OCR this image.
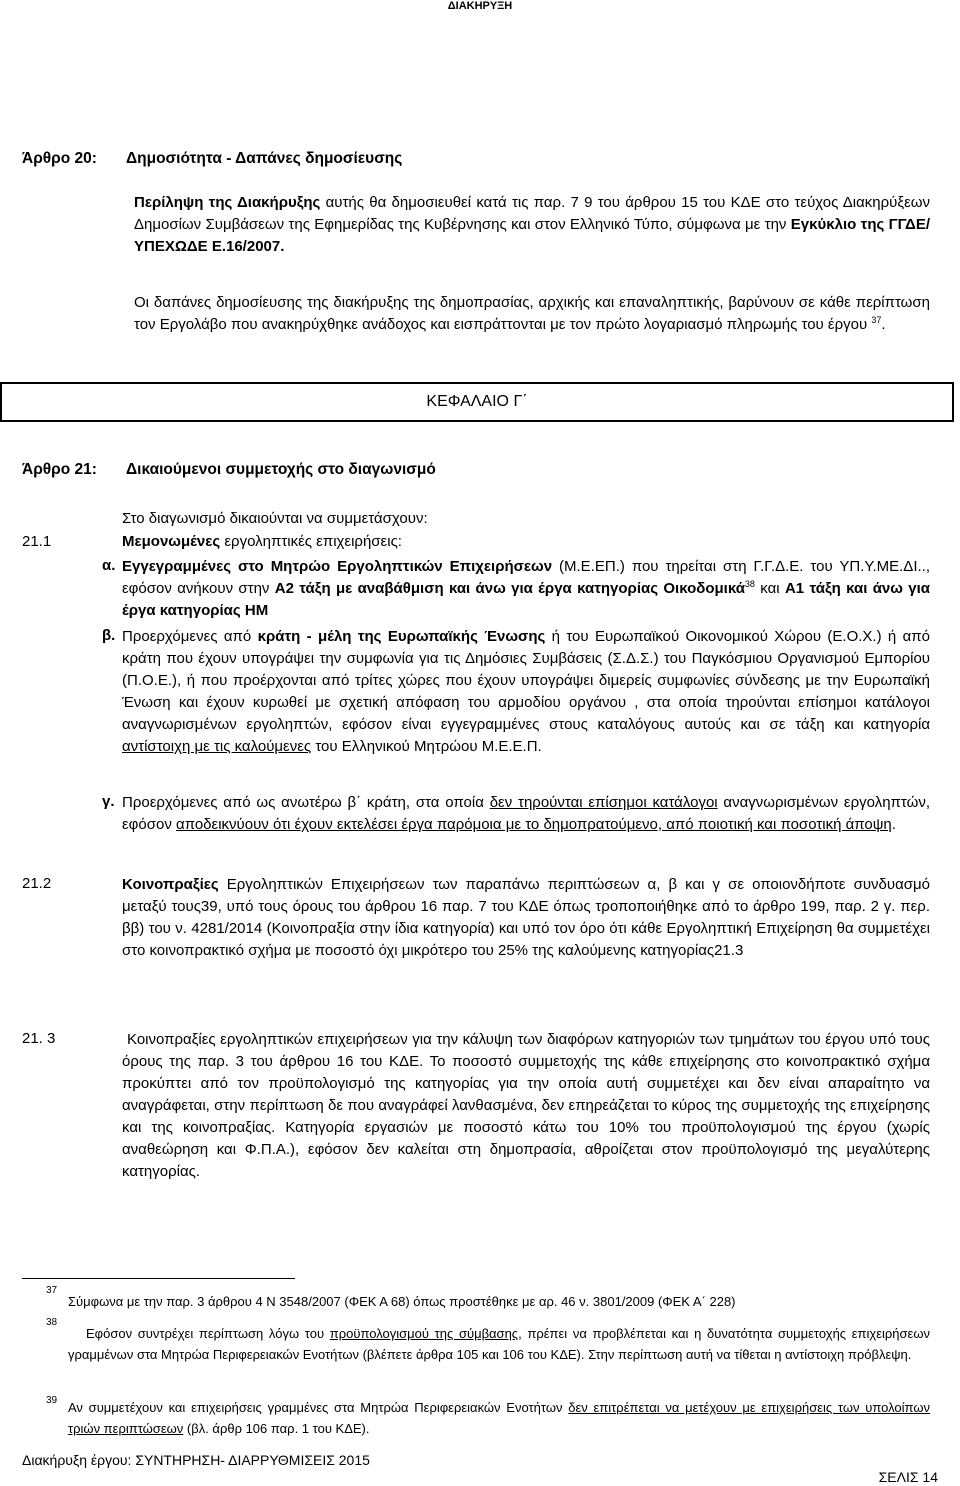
ΔΙΑΚΗΡΥΞΗ
Άρθρο 20: Δημοσιότητα - Δαπάνες δημοσίευσης
Περίληψη της Διακήρυξης αυτής θα δημοσιευθεί κατά τις παρ. 7 9 του άρθρου 15 του ΚΔΕ στο τεύχος Διακηρύξεων Δημοσίων Συμβάσεων της Εφημερίδας της Κυβέρνησης και στον Ελληνικό Τύπο, σύμφωνα με την Εγκύκλιο της ΓΓΔΕ/ ΥΠΕΧΩΔΕ Ε.16/2007.
Οι δαπάνες δημοσίευσης της διακήρυξης της δημοπρασίας, αρχικής και επαναληπτικής, βαρύνουν σε κάθε περίπτωση τον Εργολάβο που ανακηρύχθηκε ανάδοχος και εισπράττονται με τον πρώτο λογαριασμό πληρωμής του έργου $^{37}$.
ΚΕΦΑΛΑΙΟ Γ΄
Άρθρο 21: Δικαιούμενοι συμμετοχής στο διαγωνισμό
Στο διαγωνισμό δικαιούνται να συμμετάσχουν:
21.1	Μεμονωμένες εργοληπτικές επιχειρήσεις:
α. Εγγεγραμμένες στο Μητρώο Εργοληπτικών Επιχειρήσεων (Μ.Ε.ΕΠ.) που τηρείται στη Γ.Γ.Δ.Ε. του ΥΠ.Υ.ΜΕ.ΔΙ.., εφόσον ανήκουν στην Α2 τάξη με αναβάθμιση και άνω για έργα κατηγορίας Οικοδομικά$^{38}$ και Α1 τάξη και άνω για έργα κατηγορίας ΗΜ
β. Προερχόμενες από κράτη - μέλη της Ευρωπαϊκής Ένωσης ή του Ευρωπαϊκού Οικονομικού Χώρου (Ε.Ο.Χ.) ή από κράτη που έχουν υπογράψει την συμφωνία για τις Δημόσιες Συμβάσεις (Σ.Δ.Σ.) του Παγκόσμιου Οργανισμού Εμπορίου (Π.Ο.Ε.), ή που προέρχονται από τρίτες χώρες που έχουν υπογράψει διμερείς συμφωνίες σύνδεσης με την Ευρωπαϊκή Ένωση και έχουν κυρωθεί με σχετική απόφαση του αρμοδίου οργάνου , στα οποία τηρούνται επίσημοι κατάλογοι αναγνωρισμένων εργοληπτών, εφόσον είναι εγγεγραμμένες στους καταλόγους αυτούς και σε τάξη και κατηγορία αντίστοιχη με τις καλούμενες του Ελληνικού Μητρώου Μ.Ε.Ε.Π.
γ. Προερχόμενες από ως ανωτέρω β΄ κράτη, στα οποία δεν τηρούνται επίσημοι κατάλογοι αναγνωρισμένων εργοληπτών, εφόσον αποδεικνύουν ότι έχουν εκτελέσει έργα παρόμοια με το δημοπρατούμενο, από ποιοτική και ποσοτική άποψη.
21.2	Κοινοπραξίες Εργοληπτικών Επιχειρήσεων των παραπάνω περιπτώσεων α, β και γ σε οποιονδήποτε συνδυασμό μεταξύ τους39, υπό τους όρους του άρθρου 16 παρ. 7 του ΚΔΕ όπως τροποποιήθηκε από το άρθρο 199, παρ. 2 γ. περ. ββ) του ν. 4281/2014 (Κοινοπραξία στην ίδια κατηγορία) και υπό τον όρο ότι κάθε Εργοληπτική Επιχείρηση θα συμμετέχει στο κοινοπρακτικό σχήμα με ποσοστό όχι μικρότερο του 25% της καλούμενης κατηγορίας21.3
21. 3	Κοινοπραξίες εργοληπτικών επιχειρήσεων για την κάλυψη των διαφόρων κατηγοριών των τμημάτων του έργου υπό τους όρους της παρ. 3 του άρθρου 16 του ΚΔΕ. Το ποσοστό συμμετοχής της κάθε επιχείρησης στο κοινοπρακτικό σχήμα προκύπτει από τον προϋπολογισμό της κατηγορίας για την οποία αυτή συμμετέχει και δεν είναι απαραίτητο να αναγράφεται, στην περίπτωση δε που αναγράφεί λανθασμένα, δεν επηρεάζεται το κύρος της συμμετοχής της επιχείρησης και της κοινοπραξίας. Κατηγορία εργασιών με ποσοστό κάτω του 10% του προϋπολογισμού της έργου (χωρίς αναθεώρηση και Φ.Π.Α.), εφόσον δεν καλείται στη δημοπρασία, αθροίζεται στον προϋπολογισμό της μεγαλύτερης κατηγορίας.
37
Σύμφωνα με την παρ. 3 άρθρου 4 Ν 3548/2007 (ΦΕΚ Α 68) όπως προστέθηκε με αρ. 46 ν. 3801/2009 (ΦΕΚ Α΄ 228)
38
Εφόσον συντρέχει περίπτωση λόγω του προϋπολογισμού της σύμβασης, πρέπει να προβλέπεται και η δυνατότητα συμμετοχής επιχειρήσεων γραμμένων στα Μητρώα Περιφερειακών Ενοτήτων (βλέπετε άρθρα 105 και 106 του ΚΔΕ). Στην περίπτωση αυτή να τίθεται η αντίστοιχη πρόβλεψη.
39 Αν συμμετέχουν και επιχειρήσεις γραμμένες στα Μητρώα Περιφερειακών Ενοτήτων δεν επιτρέπεται να μετέχουν με επιχειρήσεις των υπολοίπων τριών περιπτώσεων (βλ. άρθρ 106 παρ. 1 του ΚΔΕ).
Διακήρυξη έργου: ΣΥΝΤΗΡΗΣΗ- ΔΙΑΡΡΥΘΜΙΣΕΙΣ 2015
ΣΕΛΙΣ 14
